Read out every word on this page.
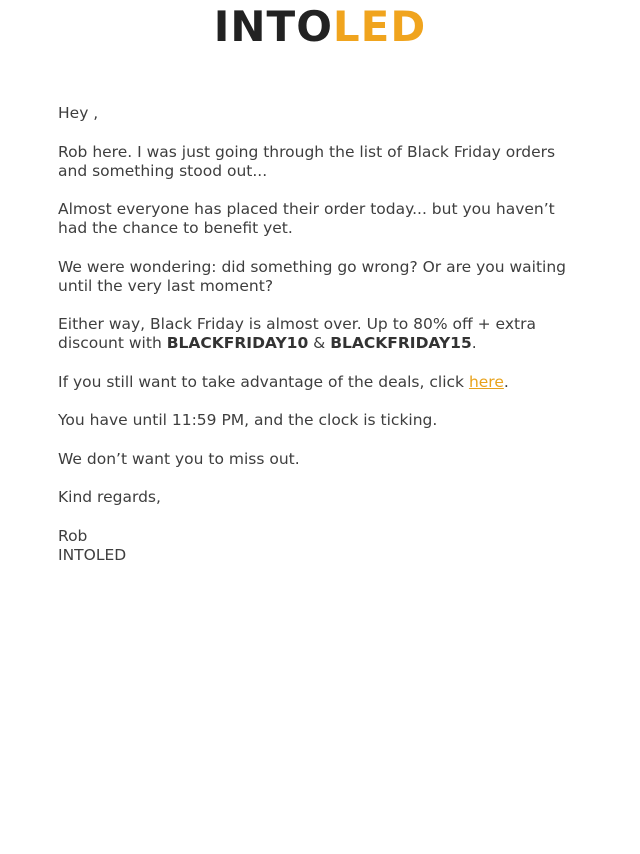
INTOLED

Hey ,

Rob here. I was just going through the list of Black Friday orders and something stood out...

Almost everyone has placed their order today... but you haven’t had the chance to benefit yet.

We were wondering: did something go wrong? Or are you waiting until the very last moment?

Either way, Black Friday is almost over. Up to 80% off + extra discount with BLACKFRIDAY10 & BLACKFRIDAY15.

If you still want to take advantage of the deals, click here.

You have until 11:59 PM, and the clock is ticking.

We don’t want you to miss out.

Kind regards,

Rob
INTOLED
